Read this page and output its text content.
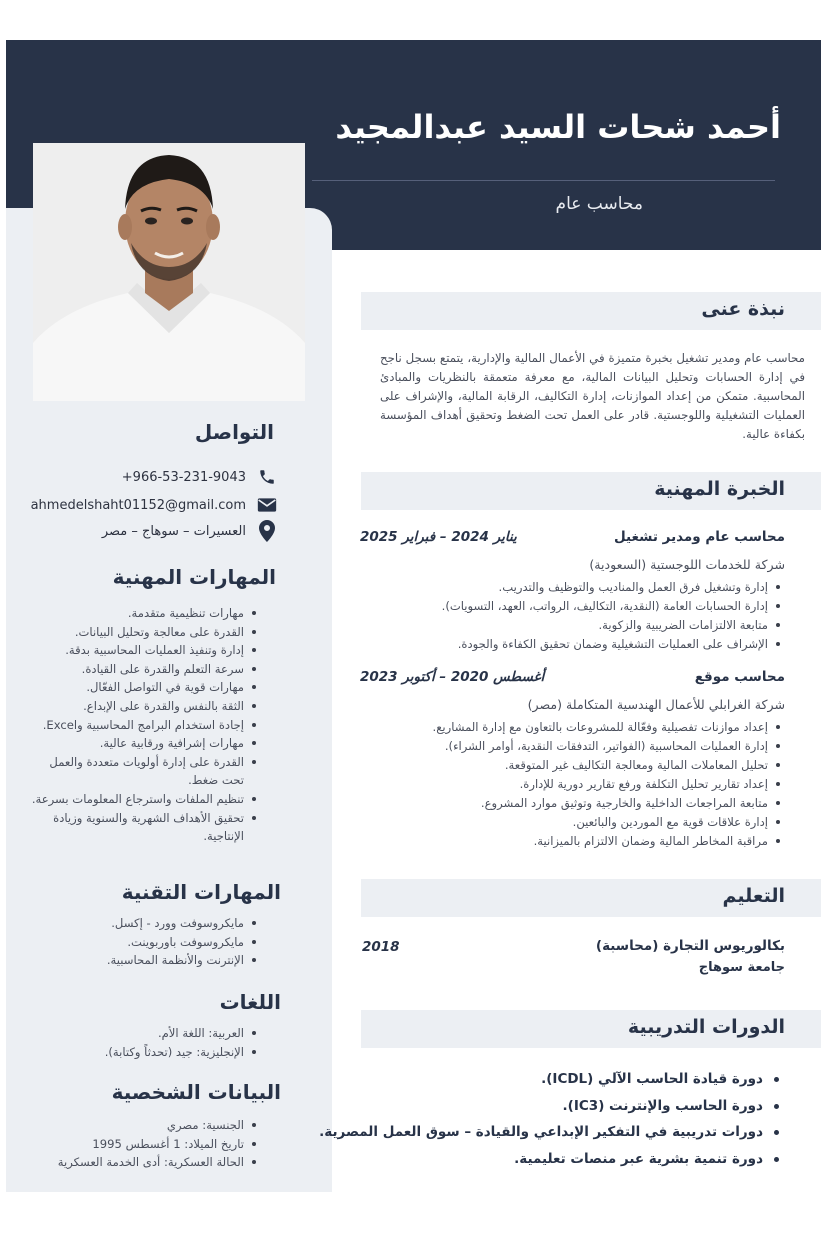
أحمد شحات السيد عبدالمجيد
محاسب عام
التواصل
+966-53-231-9043
ahmedelshaht01152@gmail.com
العسيرات – سوهاج – مصر
المهارات المهنية
مهارات تنظيمية متقدمة.
القدرة على معالجة وتحليل البيانات.
إدارة وتنفيذ العمليات المحاسبية بدقة.
سرعة التعلم والقدرة على القيادة.
مهارات قوية في التواصل الفعّال.
الثقة بالنفس والقدرة على الإبداع.
إجادة استخدام البرامج المحاسبية وExcel.
مهارات إشرافية ورقابية عالية.
القدرة على إدارة أولويات متعددة والعمل تحت ضغط.
تنظيم الملفات واسترجاع المعلومات بسرعة.
تحقيق الأهداف الشهرية والسنوية وزيادة الإنتاجية.
المهارات التقنية
مايكروسوفت وورد - إكسل.
مايكروسوفت باوربوينت.
الإنترنت والأنظمة المحاسبية.
اللغات
العربية: اللغة الأم.
الإنجليزية: جيد (تحدثاً وكتابة).
البيانات الشخصية
الجنسية: مصري
تاريخ الميلاد: 1 أغسطس 1995
الحالة العسكرية: أدى الخدمة العسكرية
نبذة عنى
محاسب عام ومدير تشغيل بخبرة متميزة في الأعمال المالية والإدارية، يتمتع بسجل ناجح في إدارة الحسابات وتحليل البيانات المالية، مع معرفة متعمقة بالنظريات والمبادئ المحاسبية. متمكن من إعداد الموازنات، إدارة التكاليف، الرقابة المالية، والإشراف على العمليات التشغيلية واللوجستية. قادر على العمل تحت الضغط وتحقيق أهداف المؤسسة بكفاءة عالية.
الخبرة المهنية
محاسب عام ومدير تشغيل
يناير 2024 – فبراير 2025
شركة للخدمات اللوجستية (السعودية)
إدارة وتشغيل فرق العمل والمناديب والتوظيف والتدريب.
إدارة الحسابات العامة (النقدية، التكاليف، الرواتب، العهد، التسويات).
متابعة الالتزامات الضريبية والزكوية.
الإشراف على العمليات التشغيلية وضمان تحقيق الكفاءة والجودة.
محاسب موقع
أغسطس 2020 – أكتوبر 2023
شركة الغرابلي للأعمال الهندسية المتكاملة (مصر)
إعداد موازنات تفصيلية وفعّالة للمشروعات بالتعاون مع إدارة المشاريع.
إدارة العمليات المحاسبية (الفواتير، التدفقات النقدية، أوامر الشراء).
تحليل المعاملات المالية ومعالجة التكاليف غير المتوقعة.
إعداد تقارير تحليل التكلفة ورفع تقارير دورية للإدارة.
متابعة المراجعات الداخلية والخارجية وتوثيق موارد المشروع.
إدارة علاقات قوية مع الموردين والبائعين.
مراقبة المخاطر المالية وضمان الالتزام بالميزانية.
التعليم
بكالوريوس التجارة (محاسبة)
جامعة سوهاج
2018
الدورات التدريبية
دورة قيادة الحاسب الآلي (ICDL).
دورة الحاسب والإنترنت (IC3).
دورات تدريبية في التفكير الإبداعي والقيادة – سوق العمل المصرية.
دورة تنمية بشرية عبر منصات تعليمية.
